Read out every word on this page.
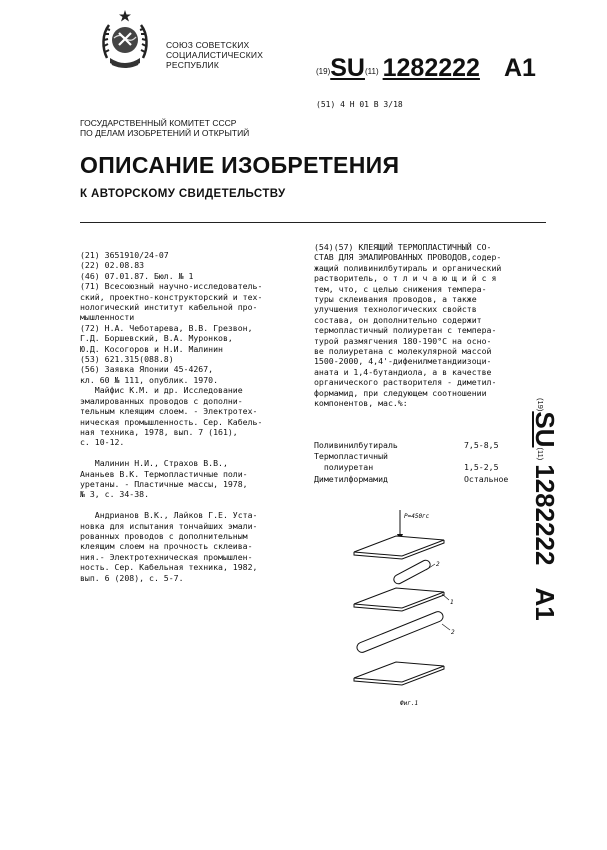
СОЮЗ СОВЕТСКИХ
СОЦИАЛИСТИЧЕСКИХ
РЕСПУБЛИК
(19)SU(11) 1282222 A1
(51) 4 Н 01 В 3/18
ГОСУДАРСТВЕННЫЙ КОМИТЕТ СССР
ПО ДЕЛАМ ИЗОБРЕТЕНИЙ И ОТКРЫТИЙ
ОПИСАНИЕ ИЗОБРЕТЕНИЯ
К АВТОРСКОМУ СВИДЕТЕЛЬСТВУ
(21) 3651910/24-07
(22) 02.08.83
(46) 07.01.87. Бюл. № 1
(71) Всесоюзный научно-исследователь-
ский, проектно-конструкторский и тех-
нологический институт кабельной про-
мышленности
(72) Н.А. Чеботарева, В.В. Грезвон,
Г.Д. Боршевский, В.А. Муронков,
Ю.Д. Косогоров и Н.И. Малинин
(53) 621.315(088.8)
(56) Заявка Японии 45-4267,
кл. 60 № 111, опублик. 1970.
Майфис К.М. и др. Исследование
эмалированных проводов с дополни-
тельным клеящим слоем. - Электротех-
ническая промышленность. Сер. Кабель-
ная техника, 1978, вып. 7 (161),
с. 10-12.
Малинин Н.И., Страхов В.В.,
Ананьев В.К. Термопластичные поли-
уретаны. - Пластичные массы, 1978,
№ 3, с. 34-38.
Андрианов В.К., Лайков Г.Е. Уста-
новка для испытания тончайших эмали-
рованных проводов с дополнительным
клеящим слоем на прочность склеива-
ния.- Электротехническая промышлен-
ность. Сер. Кабельная техника, 1982,
вып. 6 (208), с. 5-7.
(54)(57) КЛЕЯЩИЙ ТЕРМОПЛАСТИЧНЫЙ СО-
СТАВ ДЛЯ ЭМАЛИРОВАННЫХ ПРОВОДОВ,содер-
жащий поливинилбутираль и органический
растворитель, о т л и ч а ю щ и й с я
тем, что, с целью снижения темпера-
туры склеивания проводов, а также
улучшения технологических свойств
состава, он дополнительно содержит
термопластичный полиуретан с темпера-
турой размягчения 180-190°С на осно-
ве полиуретана с молекулярной массой
1500-2000, 4,4'-дифенилметандиизоци-
аната и 1,4-бутандиола, а в качестве
органического растворителя - диметил-
формамид, при следующем соотношении
компонентов, мас.%:
Поливинилбутираль	7,5-8,5
Термопластичный
полиуретан	1,5-2,5
Диметилформамид	Остальное
(19)SU(11)1282222A1
P=450гс
2
1
2
Фиг.1
